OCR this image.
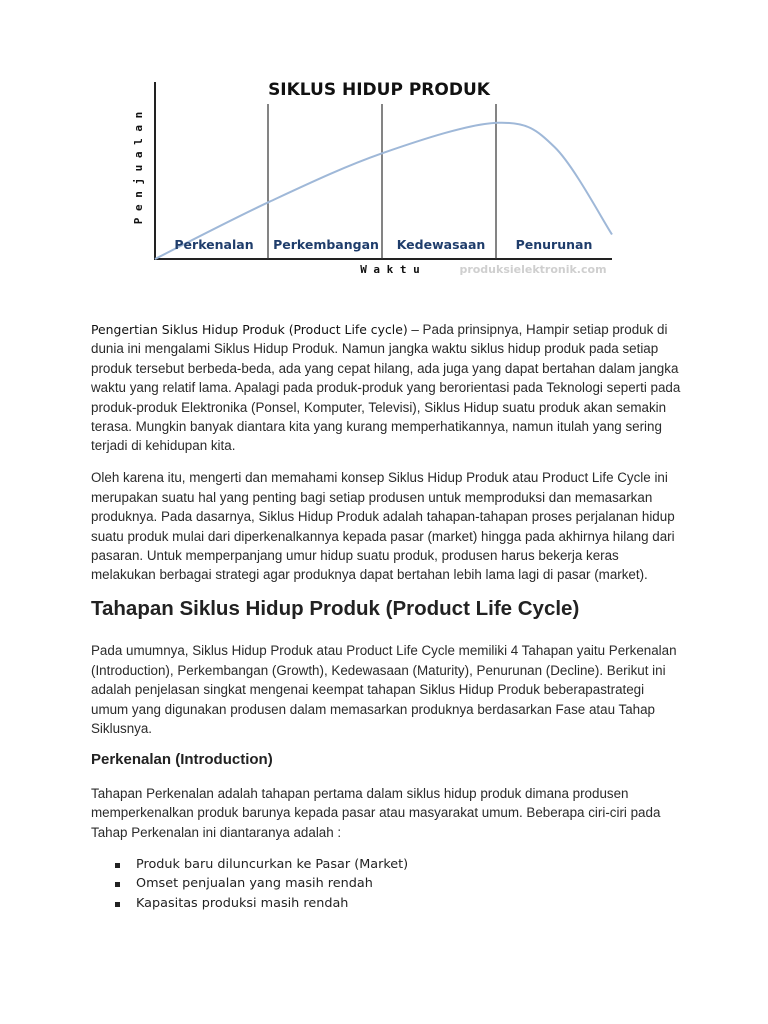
SIKLUS HIDUP PRODUK
Perkenalan Perkembangan Kedewasaan Penurunan
P e n j u a l a n
W a k t u	produksielektronik.com

Pengertian Siklus Hidup Produk (Product Life cycle) – Pada prinsipnya, Hampir setiap produk di dunia ini mengalami Siklus Hidup Produk. Namun jangka waktu siklus hidup produk pada setiap produk tersebut berbeda-beda, ada yang cepat hilang, ada juga yang dapat bertahan dalam jangka waktu yang relatif lama. Apalagi pada produk-produk yang berorientasi pada Teknologi seperti pada produk-produk Elektronika (Ponsel, Komputer, Televisi), Siklus Hidup suatu produk akan semakin terasa. Mungkin banyak diantara kita yang kurang memperhatikannya, namun itulah yang sering terjadi di kehidupan kita.

Oleh karena itu, mengerti dan memahami konsep Siklus Hidup Produk atau Product Life Cycle ini merupakan suatu hal yang penting bagi setiap produsen untuk memproduksi dan memasarkan produknya. Pada dasarnya, Siklus Hidup Produk adalah tahapan-tahapan proses perjalanan hidup suatu produk mulai dari diperkenalkannya kepada pasar (market) hingga pada akhirnya hilang dari pasaran. Untuk memperpanjang umur hidup suatu produk, produsen harus bekerja keras melakukan berbagai strategi agar produknya dapat bertahan lebih lama lagi di pasar (market).

Tahapan Siklus Hidup Produk (Product Life Cycle)

Pada umumnya, Siklus Hidup Produk atau Product Life Cycle memiliki 4 Tahapan yaitu Perkenalan (Introduction), Perkembangan (Growth), Kedewasaan (Maturity), Penurunan (Decline). Berikut ini adalah penjelasan singkat mengenai keempat tahapan Siklus Hidup Produk beberapastrategi umum yang digunakan produsen dalam memasarkan produknya berdasarkan Fase atau Tahap Siklusnya.

Perkenalan (Introduction)

Tahapan Perkenalan adalah tahapan pertama dalam siklus hidup produk dimana produsen memperkenalkan produk barunya kepada pasar atau masyarakat umum. Beberapa ciri-ciri pada Tahap Perkenalan ini diantaranya adalah :

Produk baru diluncurkan ke Pasar (Market)
Omset penjualan yang masih rendah
Kapasitas produksi masih rendah
